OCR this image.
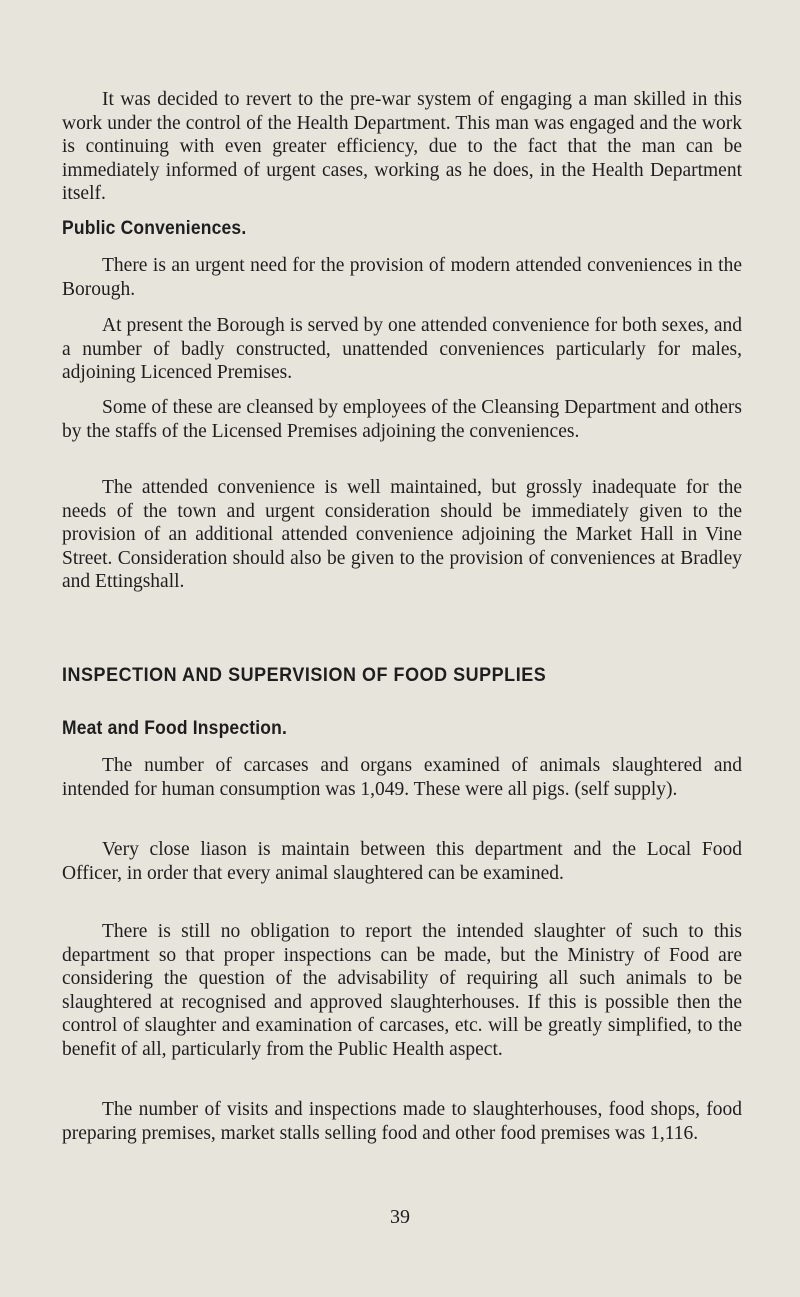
It was decided to revert to the pre-war system of engaging a man skilled in this work under the control of the Health Department. This man was engaged and the work is continuing with even greater efficiency, due to the fact that the man can be immediately informed of urgent cases, working as he does, in the Health Department itself.

Public Conveniences.

There is an urgent need for the provision of modern attended conveniences in the Borough.

At present the Borough is served by one attended convenience for both sexes, and a number of badly constructed, unattended conveniences particularly for males, adjoining Licenced Premises.

Some of these are cleansed by employees of the Cleansing Department and others by the staffs of the Licensed Premises adjoining the conveniences.

The attended convenience is well maintained, but grossly inadequate for the needs of the town and urgent consideration should be immediately given to the provision of an additional attended convenience adjoining the Market Hall in Vine Street. Consideration should also be given to the provision of conveniences at Bradley and Ettingshall.

INSPECTION AND SUPERVISION OF FOOD SUPPLIES
Meat and Food Inspection.

The number of carcases and organs examined of animals slaughtered and intended for human consumption was 1,049. These were all pigs. (self supply).

Very close liason is maintain between this department and the Local Food Officer, in order that every animal slaughtered can be examined.

There is still no obligation to report the intended slaughter of such to this department so that proper inspections can be made, but the Ministry of Food are considering the question of the advisability of requiring all such animals to be slaughtered at recognised and approved slaughterhouses. If this is possible then the control of slaughter and examination of carcases, etc. will be greatly simplified, to the benefit of all, particularly from the Public Health aspect.

The number of visits and inspections made to slaughterhouses, food shops, food preparing premises, market stalls selling food and other food premises was 1,116.

39
